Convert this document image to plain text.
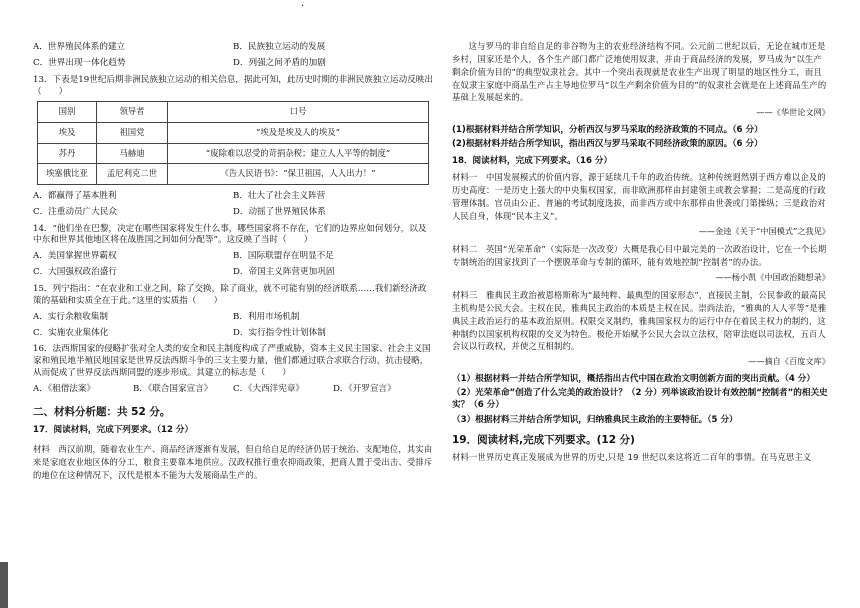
·
A．世界殖民体系的建立	B．民族独立运动的发展
C．世界出现一体化趋势	D．列强之间矛盾的加剧

13．下表是19世纪后期非洲民族独立运动的相关信息，据此可知，此历史时期的非洲民族独立运动反映出（　　）

国别	领导者	口号
埃及	祖国党	“埃及是埃及人的埃及”
苏丹	马赫迪	“废除难以忍受的苛捐杂税；建立人人平等的制度”
埃塞俄比亚	孟尼利克二世	《告人民语书》：“保卫祖国，人人出力！”
A．都赢得了基本胜利	B．壮大了社会主义阵营
C．注重动员广大民众	D．动摇了世界殖民体系

14．“他们坐在巴黎，决定在哪些国家将发生什么事，哪些国家将不存在，它们的边界应如何划分，以及中东和世界其他地区将在战胜国之间如何分配等”。这反映了当时（　　）

A．美国掌握世界霸权	B．国际联盟存在明显不足
C．大国强权政治盛行	D．帝国主义阵营更加巩固

15．列宁指出：“在农业和工业之间，除了交换，除了商业，就不可能有别的经济联系……我们新经济政策的基础和实质全在于此。”这里的实质指（　　）

A．实行余粮收集制	B．利用市场机制
C．实施农业集体化	D．实行指令性计划体制

16．法西斯国家的侵略扩张对全人类的安全和民主制度构成了严重威胁，资本主义民主国家、社会主义国家和殖民地半殖民地国家是世界反法西斯斗争的三支主要力量，他们都通过联合求联合行动，抗击侵略，从而促成了世界反法西斯同盟的逐步形成。其建立的标志是（　　）

A．《租借法案》	B．《联合国家宣言》	C．《大西洋宪章》	D．《开罗宣言》
二、材料分析题：共 52 分。
17．阅读材料，完成下列要求。（12 分）

材料　西汉前期，随着农业生产、商品经济逐渐有发展，但自给自足的经济仍居于统治、支配地位，其实由来是家庭农业地区体的分工，粮食主要靠本地供应。汉政权推行重农抑商政策，把商人置于受出击、受排斥的地位在这种情况下，汉代是根本不能为大发展商品生产的。

这与罗马的非自给自足的非谷物为主的农业经济结构不同。公元前二世纪以后，无论在城市还是乡村，国家还是个人，各个生产部门都广泛地使用奴隶，并由于商品经济的发展，罗马成为“以生产剩余价值为目的”的典型奴隶社会。其中一个突出表现就是农业生产出现了明显的地区性分工，而且在奴隶主家庭中商品生产占主导地位罗马“以生产剩余价值为目的”的奴隶社会就是在上述商品生产的基础上发展起来的。

——《华世论文网》

(1)根据材料并结合所学知识，分析西汉与罗马采取的经济政策的不同点。（6 分）

(2)根据材料并结合所学知识，指出西汉与罗马采取不同经济政策的原因。（6 分）

18．阅读材料，完成下列要求。（16 分）

材料一　中国发展模式的价值内容，源于延续几千年的政治传统。这种传统迥然别于西方难以企及的历史高度：一是历史上强大的中央集权国家，而非欧洲那样由封建领主或教会掌握；二是高度的行政管理体制。官员由公正、普遍的考试制度选拔，而非西方或中东那样由世袭或门第操纵；三是政治对人民自身，体现“民本主义”。

——金逵《关于“中国模式”之我见》

材料二　英国“光荣革命”（实际是一次改变）大概是我心目中最完美的一次政治设计，它在一个长期专制统治的国家找到了一个摆脱革命与专制的循环，能有效地控制“控制者”的办法。

——杨小凯《中国政治随想录》

材料三　雅典民主政治被恩格斯称为“最纯粹、最典型的国家形态”，直接民主制，公民参政的最高民主机构是公民大会。主权在民，雅典民主政治的本质是主权在民。崇尚法治，“雅典的人人平等”是雅典民主政治运行的基本政治原则。权限交叉制约，雅典国家权力的运行中存在着民主权力的制约，这种制约以国家机构权限的交叉为特色。极伦开始赋予公民大会以立法权，陪审法庭以司法权，五百人会议以行政权，并使之互相制约。

——摘自《百度文库》

（1）根据材料一并结合所学知识，概括指出古代中国在政治文明创新方面的突出贡献。（4 分）

（2）光荣革命”创造了什么完美的政治设计？（2 分）列举该政治设计有效控制“控制者”的相关史实？（6 分）

（3）根据材料三并结合所学知识，归纳雅典民主政治的主要特征。（5 分）

19．阅读材料,完成下列要求。(12 分)

材料一世界历史真正发展成为世界的历史,只是 19 世纪以来这将近二百年的事情。在马克思主义
